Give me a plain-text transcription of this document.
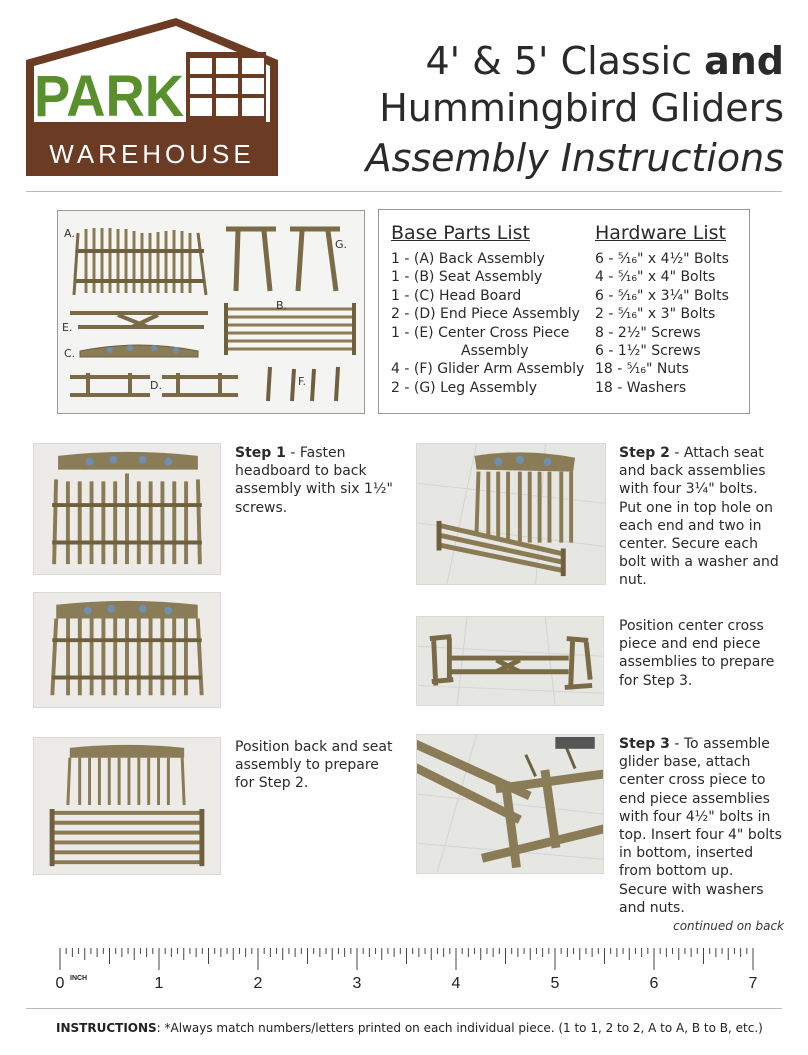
PARK
WAREHOUSE
4' & 5' Classic and
Hummingbird Gliders
Assembly Instructions
A.
G.
B.
E.
C.
D.	F.
Base Parts List
1 - (A) Back Assembly
1 - (B) Seat Assembly
1 - (C) Head Board
2 - (D) End Piece Assembly
1 - (E) Center Cross Piece
Assembly
4 - (F) Glider Arm Assembly
2 - (G) Leg Assembly
Hardware List
6 - ⁵⁄₁₆" x 4½" Bolts
4 - ⁵⁄₁₆" x 4" Bolts
6 - ⁵⁄₁₆" x 3¼" Bolts
2 - ⁵⁄₁₆" x 3" Bolts
8 - 2½" Screws
6 - 1½" Screws
18 - ⁵⁄₁₆" Nuts
18 - Washers
Step 1 - Fasten headboard to back assembly with six 1½" screws.
Position back and seat assembly to prepare for Step 2.
Step 2 - Attach seat and back assemblies with four 3¼" bolts. Put one in top hole on each end and two in center. Secure each bolt with a washer and nut.
Position center cross piece and end piece assemblies to prepare for Step 3.
Step 3 - To assemble glider base, attach center cross piece to end piece assemblies with four 4½" bolts in top. Insert four 4" bolts in bottom, inserted from bottom up. Secure with washers and nuts.
continued on back
0	1	2	3	4	5	6	7
INCH
INSTRUCTIONS: *Always match numbers/letters printed on each individual piece. (1 to 1, 2 to 2, A to A, B to B, etc.)
